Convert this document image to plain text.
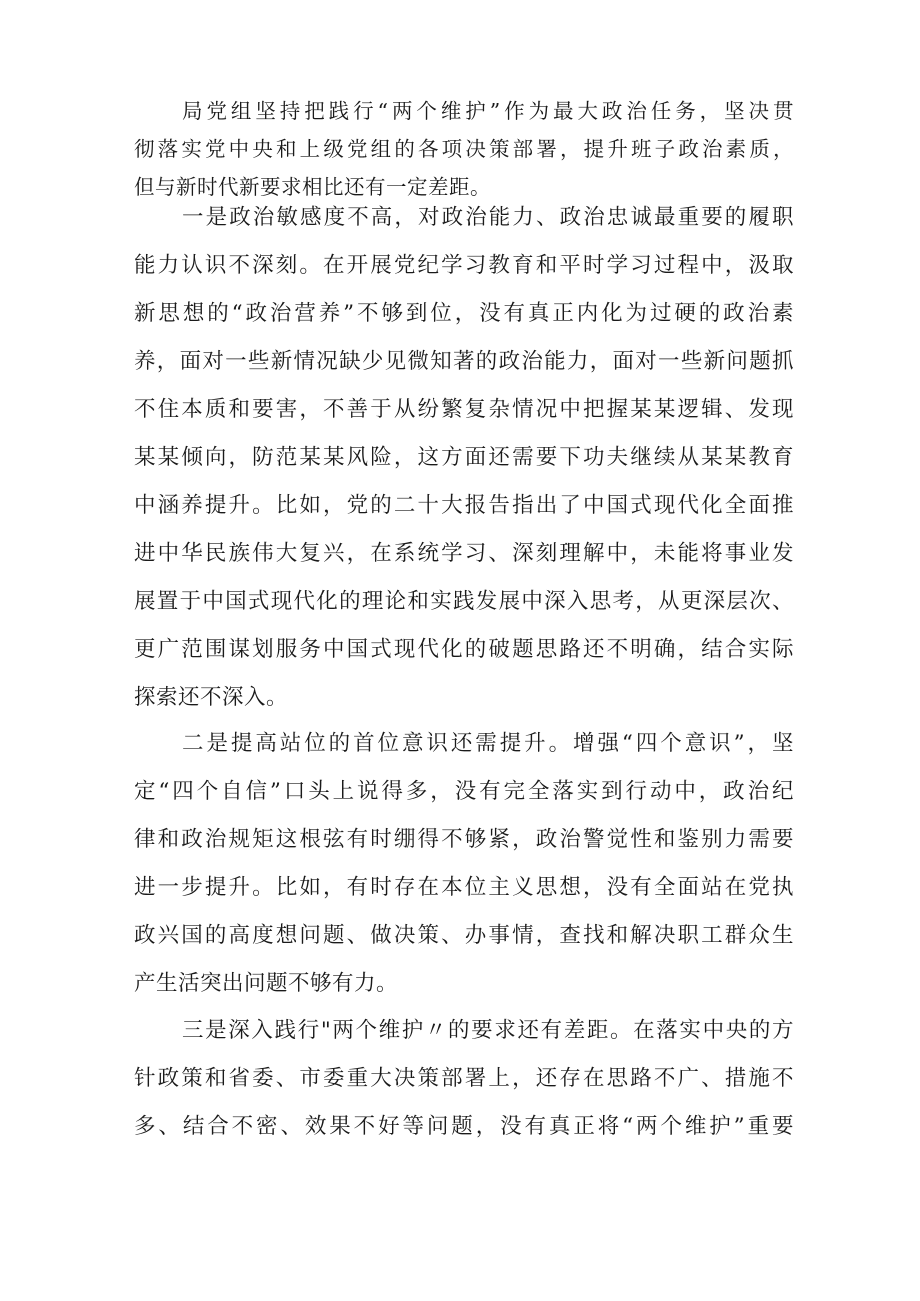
局党组坚持把践行“两个维护”作为最大政治任务，坚决贯
彻落实党中央和上级党组的各项决策部署，提升班子政治素质，
但与新时代新要求相比还有一定差距。
一是政治敏感度不高，对政治能力、政治忠诚最重要的履职
能力认识不深刻。在开展党纪学习教育和平时学习过程中，汲取
新思想的“政治营养”不够到位，没有真正内化为过硬的政治素
养，面对一些新情况缺少见微知著的政治能力，面对一些新问题抓
不住本质和要害，不善于从纷繁复杂情况中把握某某逻辑、发现
某某倾向，防范某某风险，这方面还需要下功夫继续从某某教育
中涵养提升。比如，党的二十大报告指出了中国式现代化全面推
进中华民族伟大复兴，在系统学习、深刻理解中，未能将事业发
展置于中国式现代化的理论和实践发展中深入思考，从更深层次、
更广范围谋划服务中国式现代化的破题思路还不明确，结合实际
探索还不深入。
二是提高站位的首位意识还需提升。增强“四个意识”，坚
定“四个自信”口头上说得多，没有完全落实到行动中，政治纪
律和政治规矩这根弦有时绷得不够紧，政治警觉性和鉴别力需要
进一步提升。比如，有时存在本位主义思想，没有全面站在党执
政兴国的高度想问题、做决策、办事情，查找和解决职工群众生
产生活突出问题不够有力。
三是深入践行"两个维护〃的要求还有差距。在落实中央的方
针政策和省委、市委重大决策部署上，还存在思路不广、措施不
多、结合不密、效果不好等问题，没有真正将“两个维护”重要
